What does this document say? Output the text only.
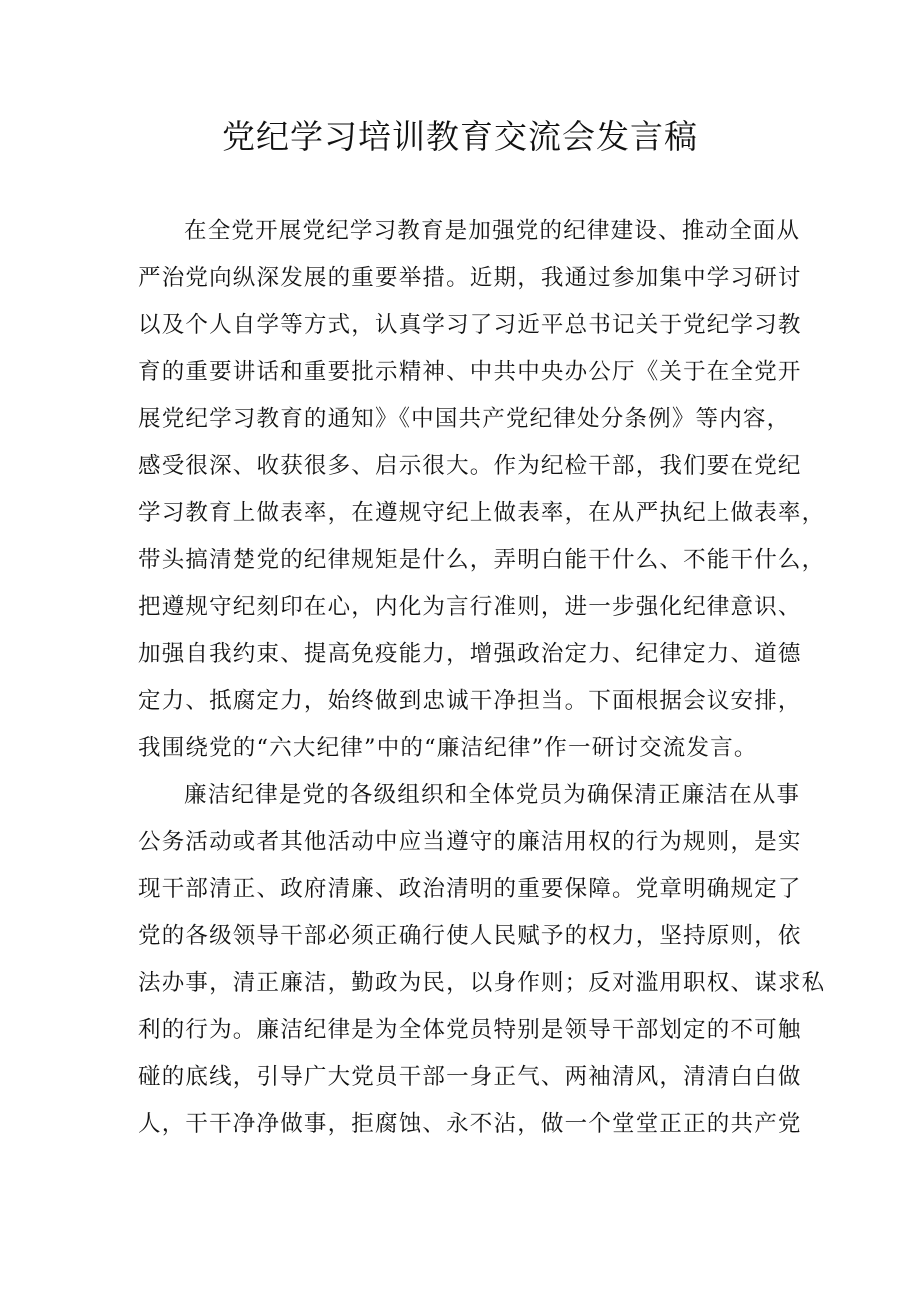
党纪学习培训教育交流会发言稿
在全党开展党纪学习教育是加强党的纪律建设、推动全面从
严治党向纵深发展的重要举措。近期，我通过参加集中学习研讨
以及个人自学等方式，认真学习了习近平总书记关于党纪学习教
育的重要讲话和重要批示精神、中共中央办公厅《关于在全党开
展党纪学习教育的通知》《中国共产党纪律处分条例》等内容，
感受很深、收获很多、启示很大。作为纪检干部，我们要在党纪
学习教育上做表率，在遵规守纪上做表率，在从严执纪上做表率，
带头搞清楚党的纪律规矩是什么，弄明白能干什么、不能干什么，
把遵规守纪刻印在心，内化为言行准则，进一步强化纪律意识、
加强自我约束、提高免疫能力，增强政治定力、纪律定力、道德
定力、抵腐定力，始终做到忠诚干净担当。下面根据会议安排，
我围绕党的“六大纪律”中的“廉洁纪律”作一研讨交流发言。
廉洁纪律是党的各级组织和全体党员为确保清正廉洁在从事
公务活动或者其他活动中应当遵守的廉洁用权的行为规则，是实
现干部清正、政府清廉、政治清明的重要保障。党章明确规定了
党的各级领导干部必须正确行使人民赋予的权力，坚持原则，依
法办事，清正廉洁，勤政为民，以身作则；反对滥用职权、谋求私
利的行为。廉洁纪律是为全体党员特别是领导干部划定的不可触
碰的底线，引导广大党员干部一身正气、两袖清风，清清白白做
人，干干净净做事，拒腐蚀、永不沾，做一个堂堂正正的共产党
